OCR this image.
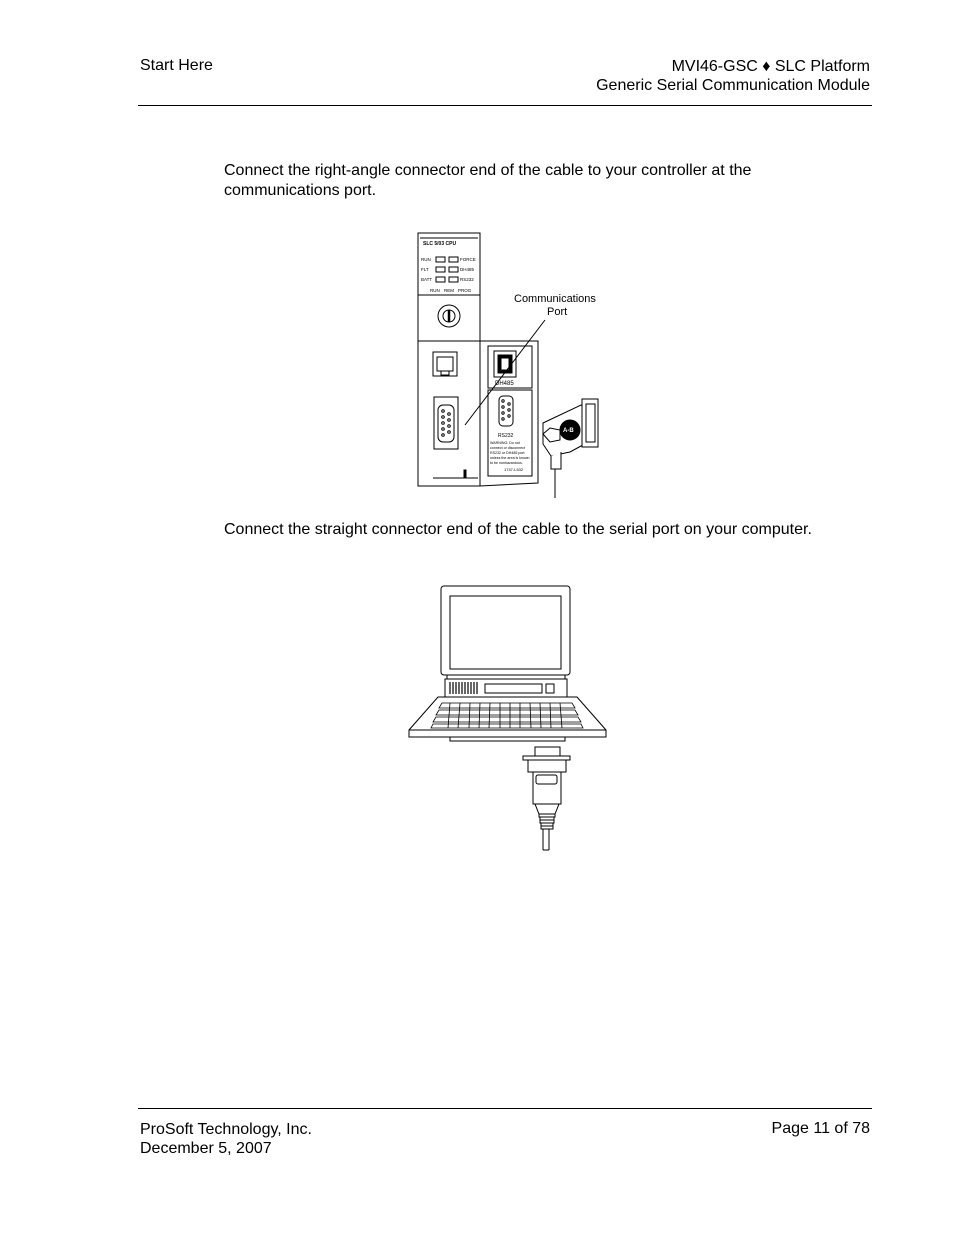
Start Here	MVI46-GSC ♦ SLC Platform
Generic Serial Communication Module
Connect the right-angle connector end of the cable to your controller at the communications port.
SLC 5/03 CPU
RUN
FLT
BATT
FORCE
DH485
RS232
RUN REM PROG
DH485
RS232
WARNING: Do not
connect or disconnect
RS232 or DH485 port
unless the area is known
to be nonhazardous.
1747-L532
A-B
Communications
Port
Connect the straight connector end of the cable to the serial port on your computer.
ProSoft Technology, Inc.
December 5, 2007
Page 11 of 78
